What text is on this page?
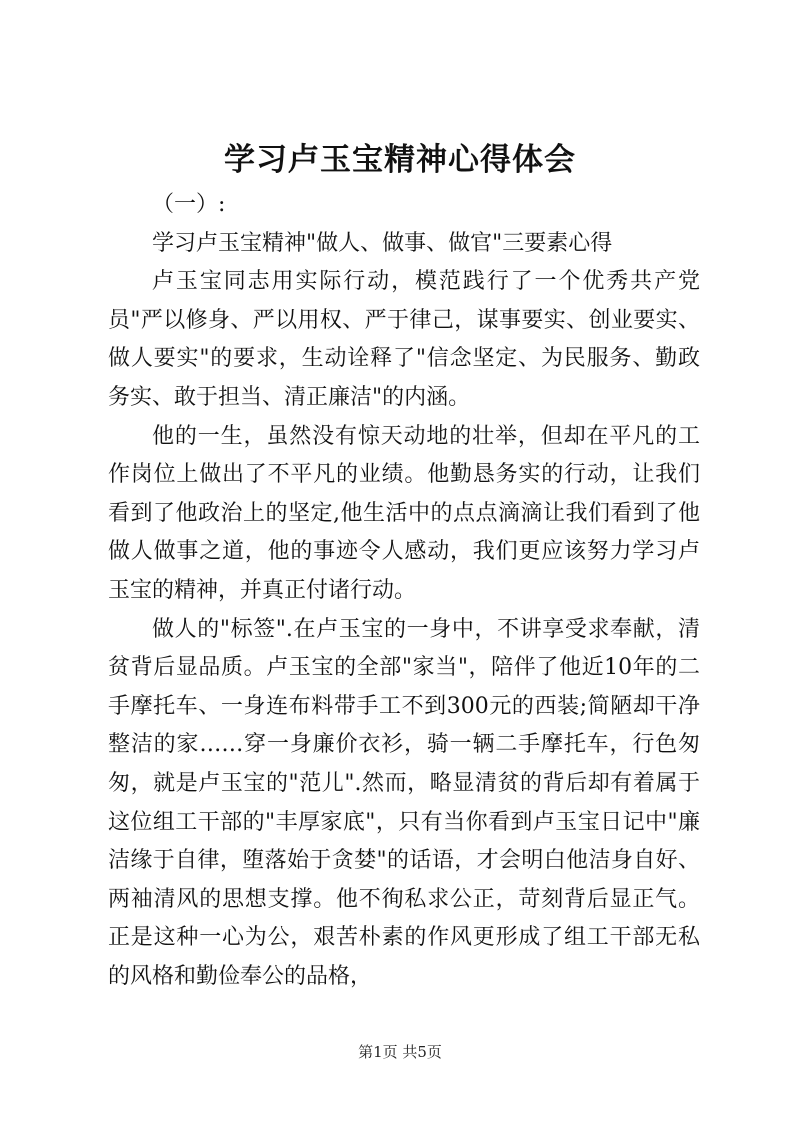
学习卢玉宝精神心得体会

（一）:

学习卢玉宝精神"做人、做事、做官"三要素心得

卢玉宝同志用实际行动，模范践行了一个优秀共产党员"严以修身、严以用权、严于律己，谋事要实、创业要实、做人要实"的要求，生动诠释了"信念坚定、为民服务、勤政务实、敢于担当、清正廉洁"的内涵。

他的一生，虽然没有惊天动地的壮举，但却在平凡的工作岗位上做出了不平凡的业绩。他勤恳务实的行动，让我们看到了他政治上的坚定,他生活中的点点滴滴让我们看到了他做人做事之道，他的事迹令人感动，我们更应该努力学习卢玉宝的精神，并真正付诸行动。

做人的"标签".在卢玉宝的一身中，不讲享受求奉献，清贫背后显品质。卢玉宝的全部"家当"，陪伴了他近10年的二手摩托车、一身连布料带手工不到300元的西装;简陋却干净整洁的家……穿一身廉价衣衫，骑一辆二手摩托车，行色匆匆，就是卢玉宝的"范儿".然而，略显清贫的背后却有着属于这位组工干部的"丰厚家底"，只有当你看到卢玉宝日记中"廉洁缘于自律，堕落始于贪婪"的话语，才会明白他洁身自好、两袖清风的思想支撑。他不徇私求公正，苛刻背后显正气。正是这种一心为公，艰苦朴素的作风更形成了组工干部无私的风格和勤俭奉公的品格，

第1页 共5页
